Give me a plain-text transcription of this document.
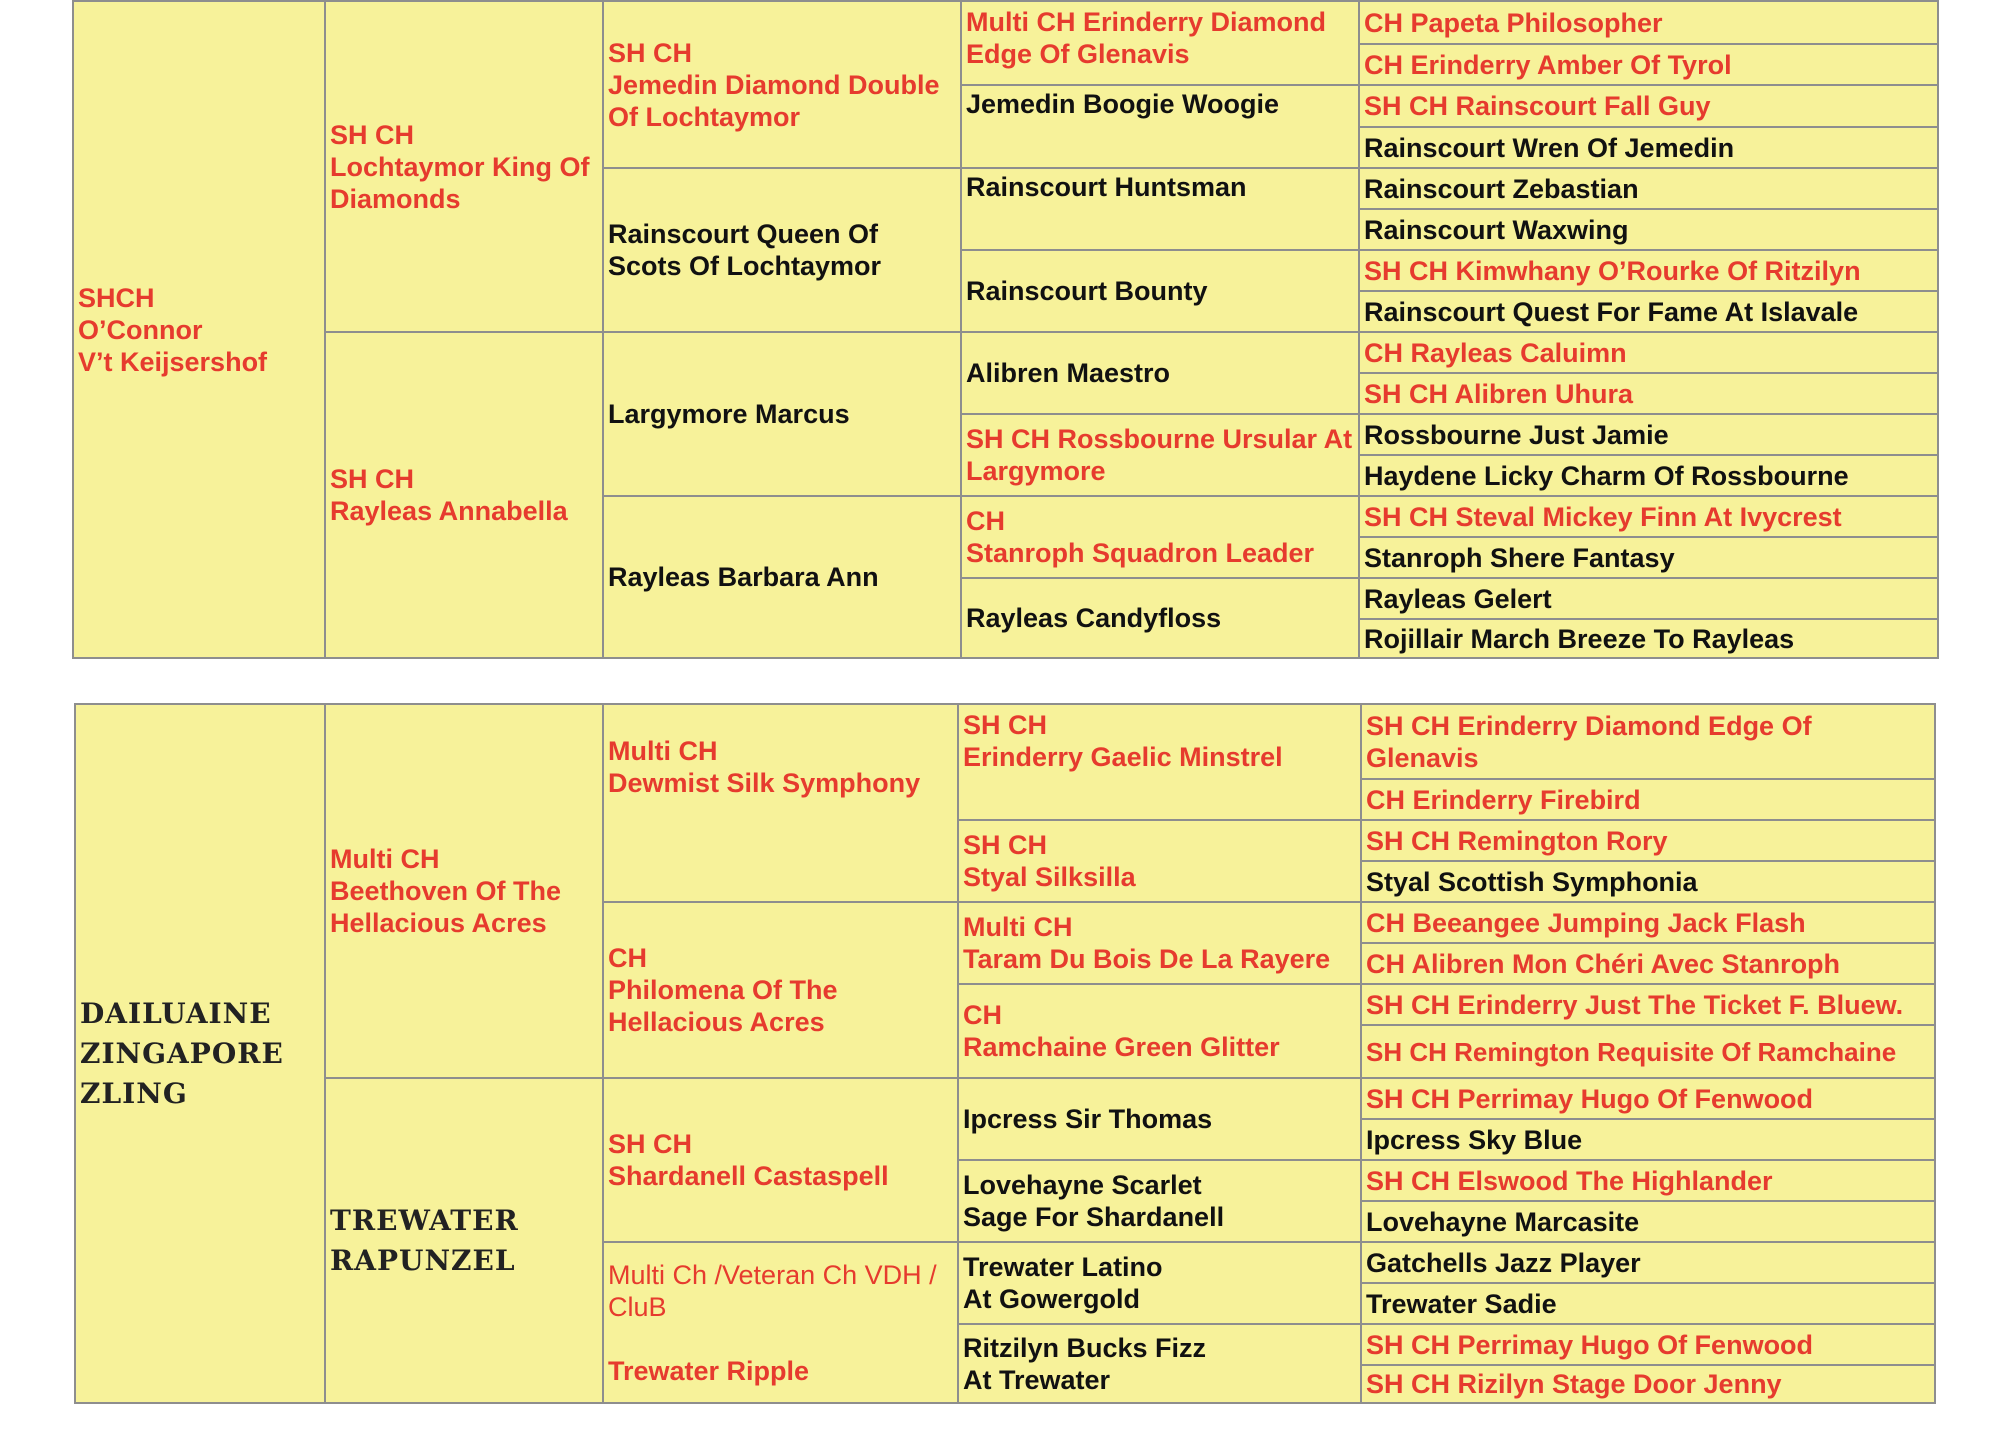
SHCH
O’Connor
V’t Keijsershof
SH CH
Lochtaymor King Of Diamonds
SH CH
Rayleas Annabella
SH CH
Jemedin Diamond Double Of Lochtaymor
Rainscourt Queen Of Scots Of Lochtaymor
Largymore Marcus
Rayleas Barbara Ann
Multi CH Erinderry Diamond Edge Of Glenavis
Jemedin Boogie Woogie
Rainscourt Huntsman
Rainscourt Bounty
Alibren Maestro
SH CH Rossbourne Ursular At Largymore
CH
Stanroph Squadron Leader
Rayleas Candyfloss
CH Papeta Philosopher
CH Erinderry Amber Of Tyrol
SH CH Rainscourt Fall Guy
Rainscourt Wren Of Jemedin
Rainscourt Zebastian
Rainscourt Waxwing
SH CH Kimwhany O’Rourke Of Ritzilyn
Rainscourt Quest For Fame At Islavale
CH Rayleas Caluimn
SH CH Alibren Uhura
Rossbourne Just Jamie
Haydene Licky Charm Of Rossbourne
SH CH Steval Mickey Finn At Ivycrest
Stanroph Shere Fantasy
Rayleas Gelert
Rojillair March Breeze To Rayleas
DAILUAINE
ZINGAPORE
ZLING
Multi CH
Beethoven Of The Hellacious Acres
TREWATER
RAPUNZEL
Multi CH
Dewmist Silk Symphony
CH
Philomena Of The Hellacious Acres
SH CH
Shardanell Castaspell

Multi Ch /Veteran Ch VDH / CluB

Trewater Ripple

SH CH
Erinderry Gaelic Minstrel
SH CH
Styal Silksilla
Multi CH
Taram Du Bois De La Rayere
CH
Ramchaine Green Glitter
Ipcress Sir Thomas
Lovehayne Scarlet
Sage For Shardanell
Trewater Latino
At Gowergold
Ritzilyn Bucks Fizz
At Trewater
SH CH Erinderry Diamond Edge Of Glenavis
CH Erinderry Firebird
SH CH Remington Rory
Styal Scottish Symphonia
CH Beeangee Jumping Jack Flash
CH Alibren Mon Chéri Avec Stanroph
SH CH Erinderry Just The Ticket F. Bluew.
SH CH Remington Requisite Of Ramchaine
SH CH Perrimay Hugo Of Fenwood
Ipcress Sky Blue
SH CH Elswood The Highlander
Lovehayne Marcasite
Gatchells Jazz Player
Trewater Sadie
SH CH Perrimay Hugo Of Fenwood
SH CH Rizilyn Stage Door Jenny
